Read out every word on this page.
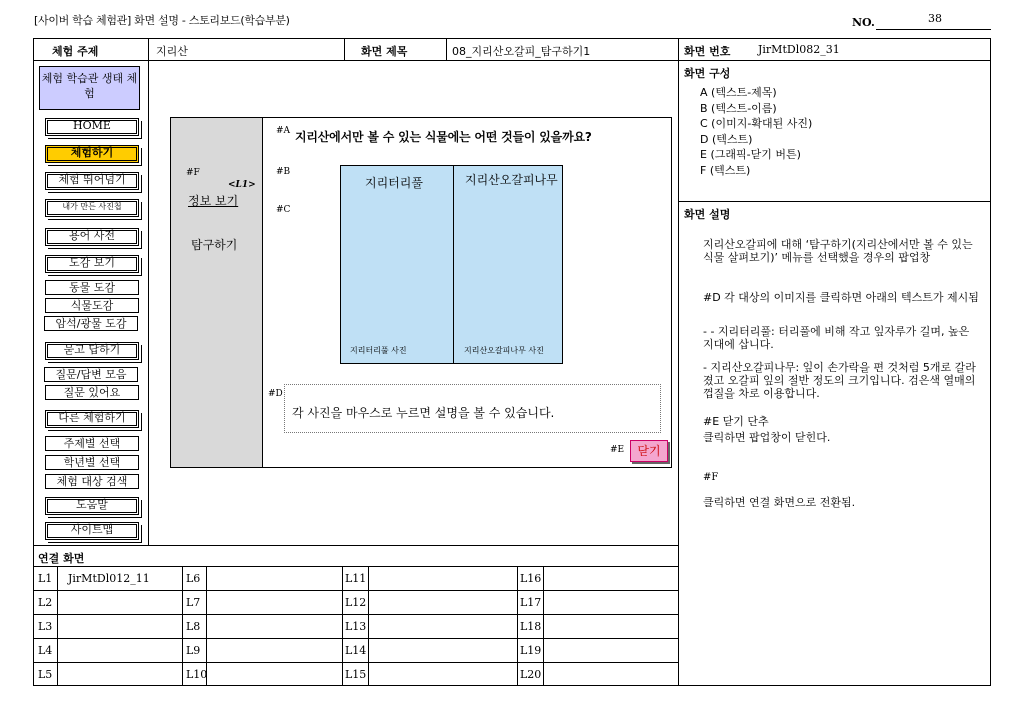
[사이버 학습 체험관] 화면 설명 - 스토리보드(학습부분)	NO.	38
체험 주제	지리산	화면 제목	08_지리산오갈피_탐구하기1	화면 번호	JirMtDl082_31
체험 학습관 생태 체험
HOME
체험하기
체험 뛰어넘기
내가 만든 사진첩
용어 사전
도감 보기
동물 도감
식물도감
암석/광물 도감
묻고 답하기
질문/답변 모음
질문 있어요
다른 체험하기
주제별 선택
학년별 선택
체험 대상 검색
도움말
사이트맵
#F
<L1>
정보 보기
탐구하기
#A 지리산에서만 볼 수 있는 식물에는 어떤 것들이 있을까요?
#B
#C
지리터리풀	지리산오갈피나무
지리터리풀 사진	지리산오갈피나무 사진
#D
각 사진을 마우스로 누르면 설명을 볼 수 있습니다.
#E	닫기
연결 화면
L1 JirMtDl012_11	L6	L11	L16
L2	L7	L12	L17
L3	L8	L13	L18
L4	L9	L14	L19
L5	L10	L15	L20
화면 구성
A (텍스트-제목)
B (텍스트-이름)
C (이미지-확대된 사진)
D (텍스트)
E (그래픽-닫기 버튼)
F (텍스트)
화면 설명
지리산오갈피에 대해 ‘탐구하기(지리산에서만 볼 수 있는 식물 살펴보기)’ 메뉴를 선택했을 경우의 팝업창
#D 각 대상의 이미지를 클릭하면 아래의 텍스트가 제시됨
- - 지리터리풀: 터리풀에 비해 작고 잎자루가 길며, 높은 지대에 삽니다.
- 지리산오갈피나무: 잎이 손가락을 편 것처럼 5개로 갈라졌고 오갈피 잎의 절반 정도의 크기입니다. 검은색 열매의 껍질을 차로 이용합니다.
#E 닫기 단추
클릭하면 팝업창이 닫힌다.
#F
클릭하면 연결 화면으로 전환됨.
